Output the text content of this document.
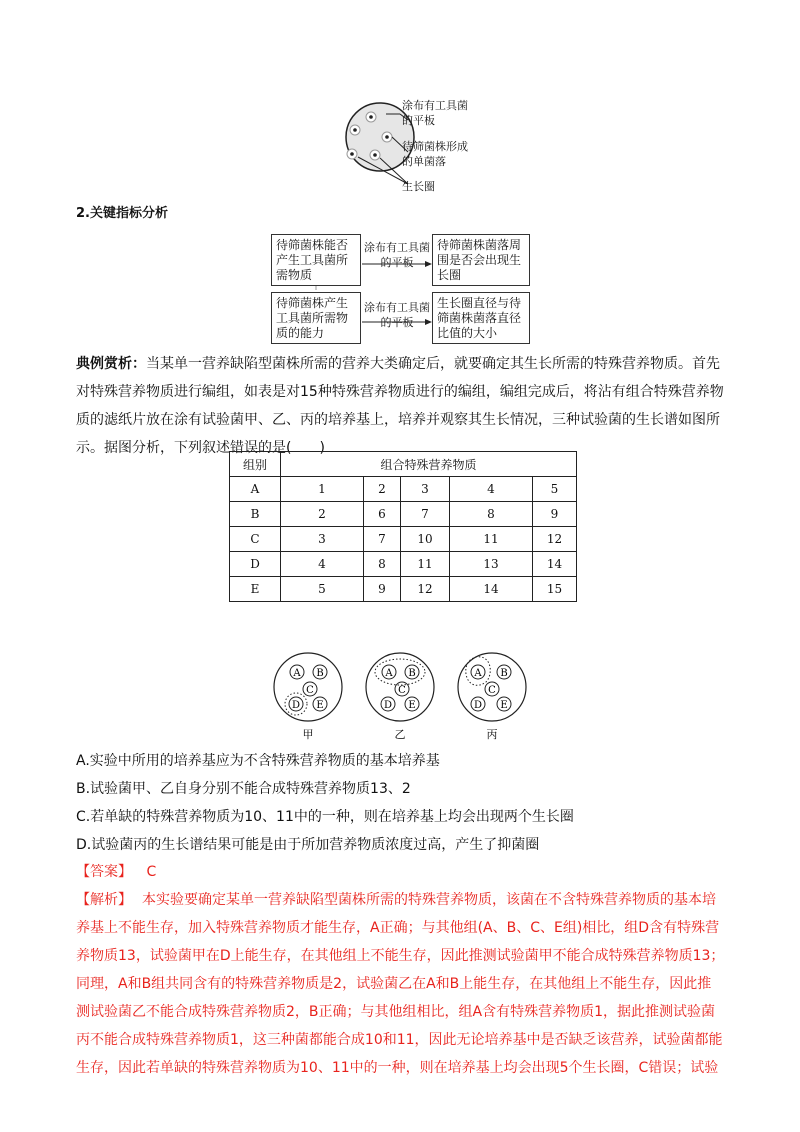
涂布有工具菌的平板
待筛菌株形成的单菌落
生长圈
2.关键指标分析
待筛菌株能否产生工具菌所需物质
涂布有工具菌的平板
待筛菌株菌落周围是否会出现生长圈
待筛菌株产生工具菌所需物质的能力
涂布有工具菌的平板
生长圈直径与待筛菌株菌落直径比值的大小
典例赏析：当某单一营养缺陷型菌株所需的营养大类确定后，就要确定其生长所需的特殊营养物质。首先对特殊营养物质进行编组，如表是对15种特殊营养物质进行的编组，编组完成后，将沾有组合特殊营养物质的滤纸片放在涂有试验菌甲、乙、丙的培养基上，培养并观察其生长情况，三种试验菌的生长谱如图所示。据图分析，下列叙述错误的是(　　)
组别	组合特殊营养物质				
A	1	2	3	4	5
B	2	6	7	8	9
C	3	7	10	11	12
D	4	8	11	13	14
E	5	9	12	14	15
A B
C
D E
A B
C
D E
A B
C
D E
甲	乙	丙
A.实验中所用的培养基应为不含特殊营养物质的基本培养基
B.试验菌甲、乙自身分别不能合成特殊营养物质13、2
C.若单缺的特殊营养物质为10、11中的一种，则在培养基上均会出现两个生长圈
D.试验菌丙的生长谱结果可能是由于所加营养物质浓度过高，产生了抑菌圈
【答案】 C
【解析】 本实验要确定某单一营养缺陷型菌株所需的特殊营养物质，该菌在不含特殊营养物质的基本培
养基上不能生存，加入特殊营养物质才能生存，A正确；与其他组(A、B、C、E组)相比，组D含有特殊营
养物质13，试验菌甲在D上能生存，在其他组上不能生存，因此推测试验菌甲不能合成特殊营养物质13；
同理，A和B组共同含有的特殊营养物质是2，试验菌乙在A和B上能生存，在其他组上不能生存，因此推
测试验菌乙不能合成特殊营养物质2，B正确；与其他组相比，组A含有特殊营养物质1，据此推测试验菌
丙不能合成特殊营养物质1，这三种菌都能合成10和11，因此无论培养基中是否缺乏该营养，试验菌都能
生存，因此若单缺的特殊营养物质为10、11中的一种，则在培养基上均会出现5个生长圈，C错误；试验
